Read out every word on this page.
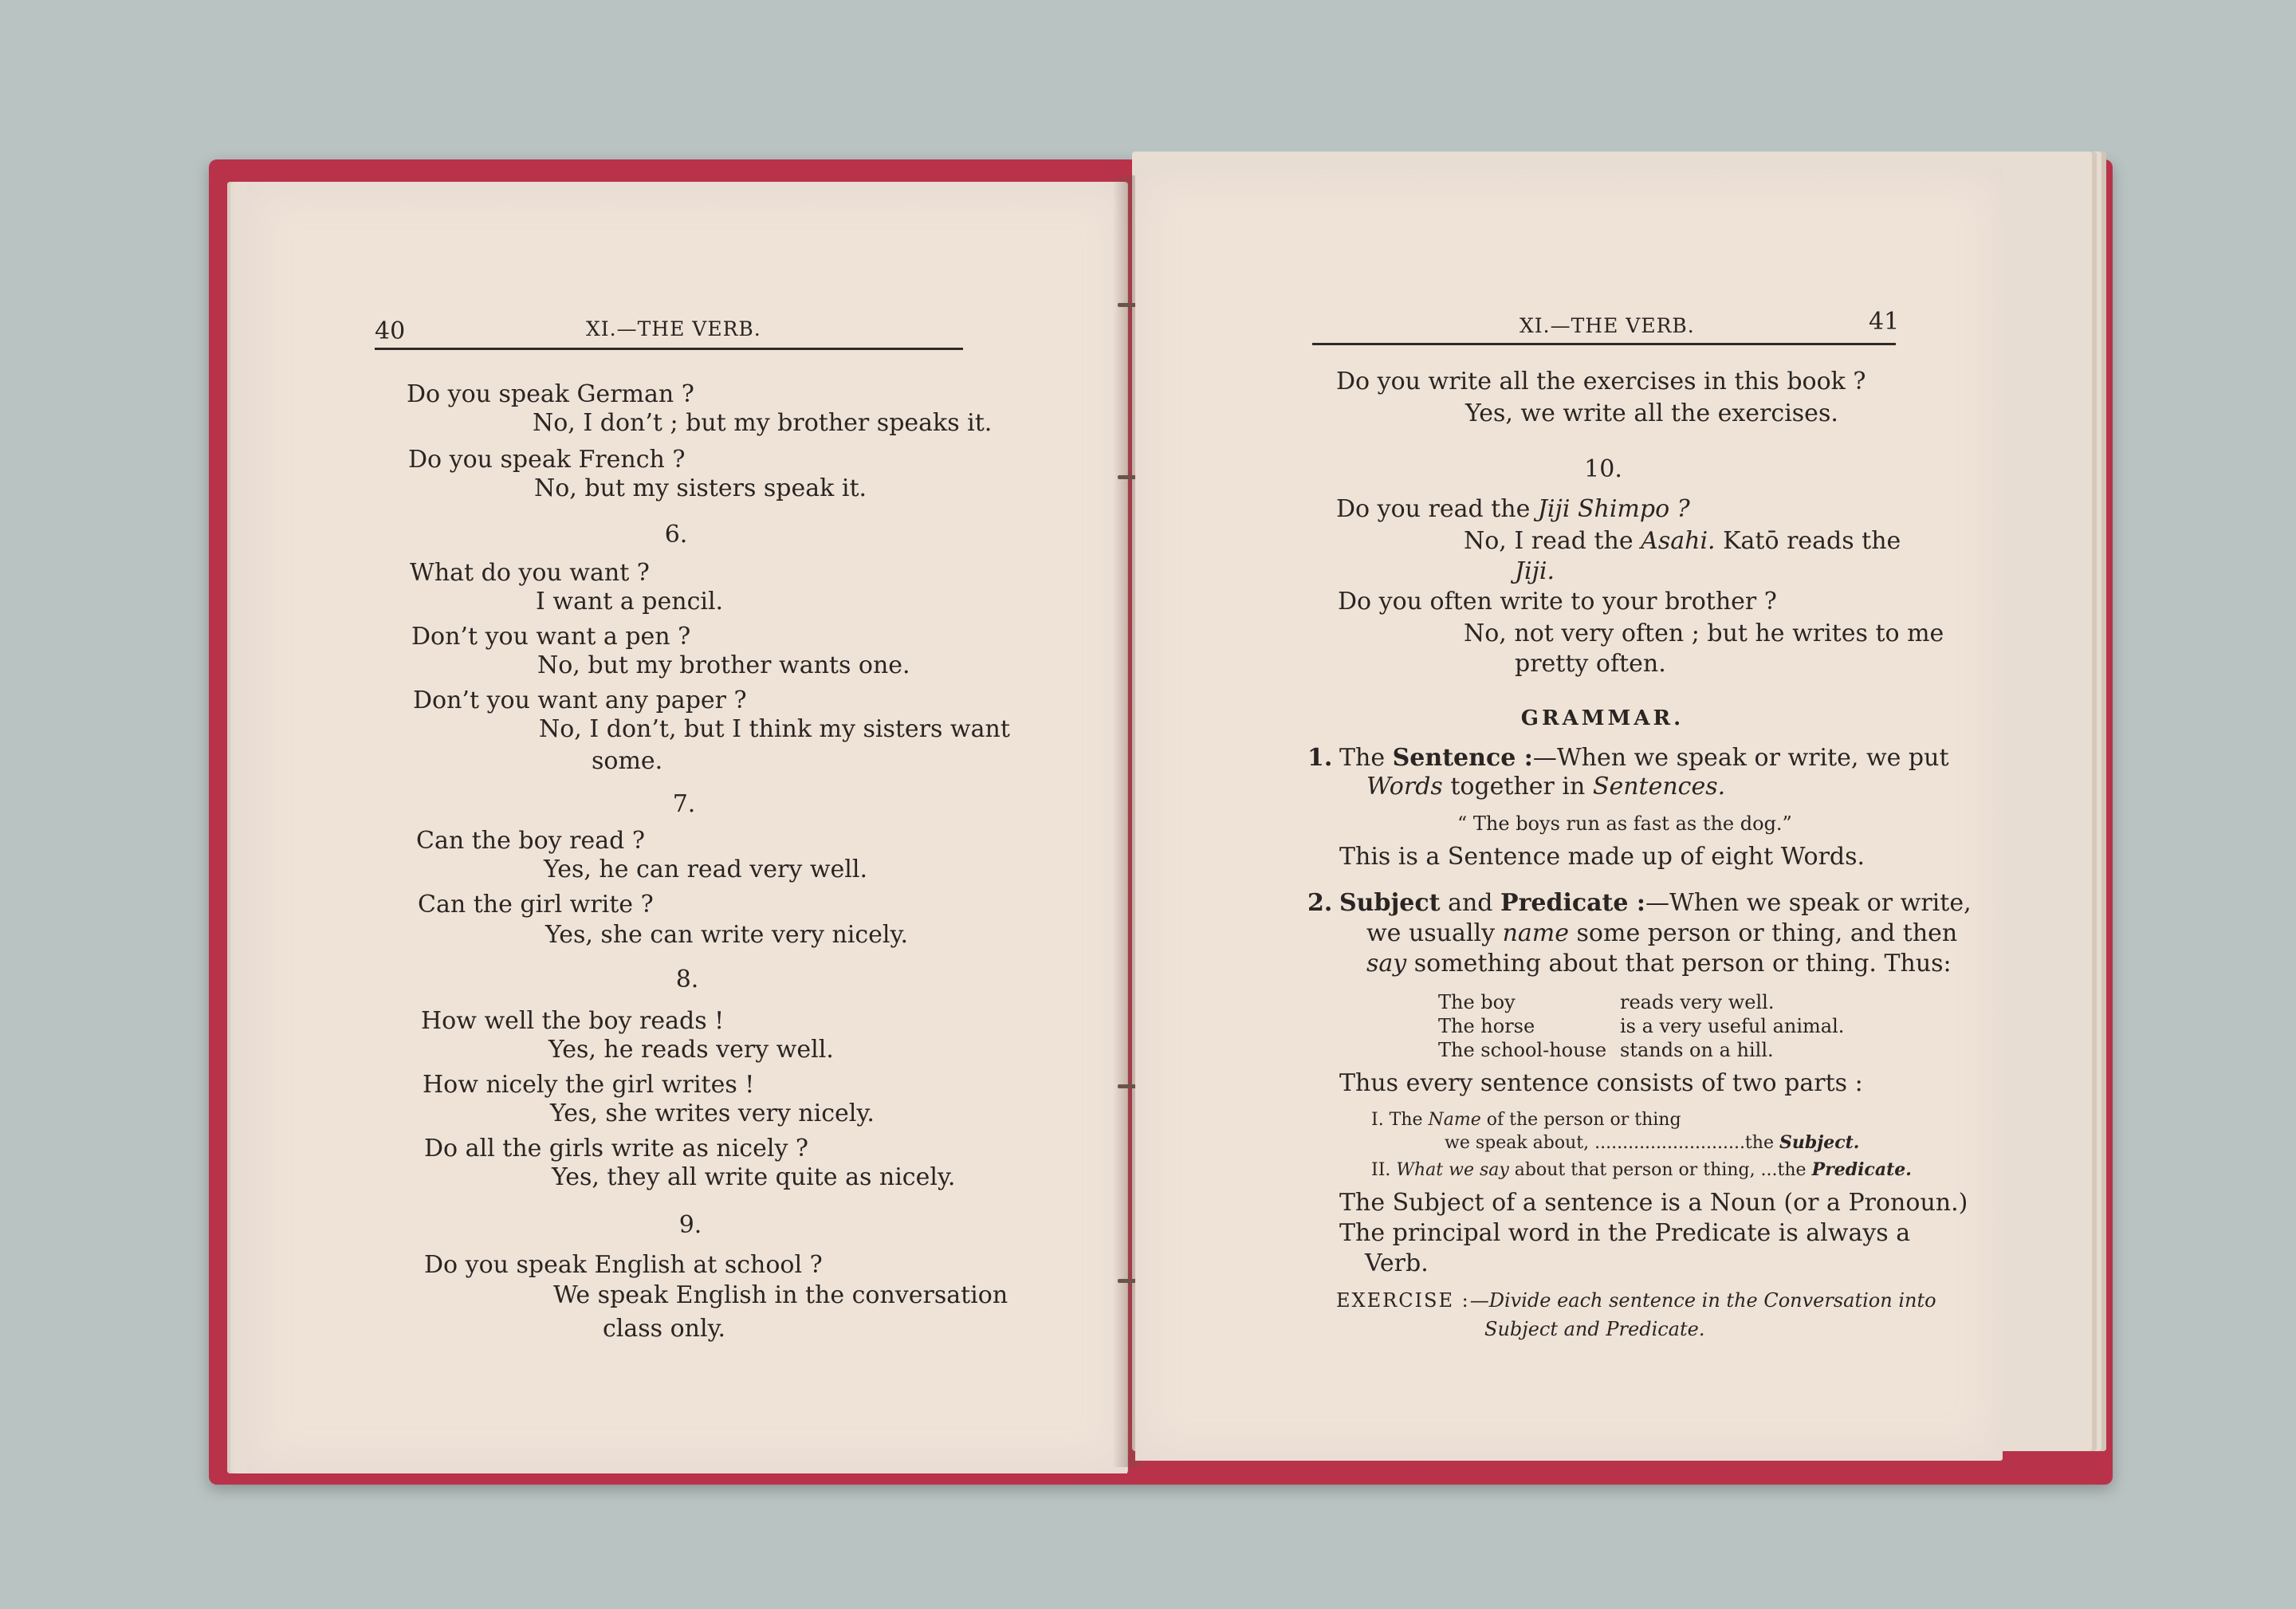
40	XI.—THE VERB.
Do you speak German ?
No, I don’t ; but my brother speaks it.
Do you speak French ?
No, but my sisters speak it.
6.
What do you want ?
I want a pencil.
Don’t you want a pen ?
No, but my brother wants one.
Don’t you want any paper ?
No, I don’t, but I think my sisters want
some.
7.
Can the boy read ?
Yes, he can read very well.
Can the girl write ?
Yes, she can write very nicely.
8.
How well the boy reads !
Yes, he reads very well.
How nicely the girl writes !
Yes, she writes very nicely.
Do all the girls write as nicely ?
Yes, they all write quite as nicely.
9.
Do you speak English at school ?
We speak English in the conversation
class only.
XI.—THE VERB.	41
Do you write all the exercises in this book ?
Yes, we write all the exercises.
10.
Do you read the Jiji Shimpo ?
No, I read the Asahi. Katō reads the
Jiji.
Do you often write to your brother ?
No, not very often ; but he writes to me
pretty often.
GRAMMAR.
1. The Sentence :—When we speak or write, we put
Words together in Sentences.
“ The boys run as fast as the dog.”
This is a Sentence made up of eight Words.
2. Subject and Predicate :—When we speak or write,
we usually name some person or thing, and then
say something about that person or thing. Thus:
The boy	reads very well.
The horse	is a very useful animal.
The school-house stands on a hill.
Thus every sentence consists of two parts :
I. The Name of the person or thing
we speak about, ...........................the Subject.
II. What we say about that person or thing, ...the Predicate.
The Subject of a sentence is a Noun (or a Pronoun.)
The principal word in the Predicate is always a
Verb.
EXERCISE :—Divide each sentence in the Conversation into
Subject and Predicate.
